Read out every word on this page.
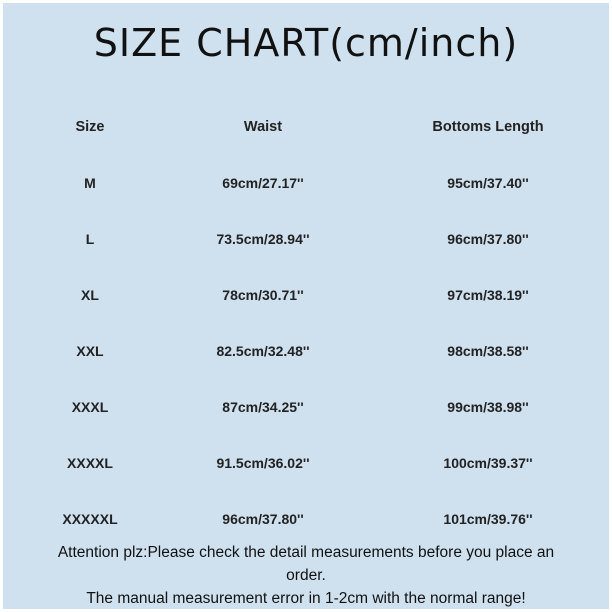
SIZE CHART(cm/inch)
Size	Waist	Bottoms Length
M	69cm/27.17''	95cm/37.40''
L	73.5cm/28.94''	96cm/37.80''
XL	78cm/30.71''	97cm/38.19''
XXL	82.5cm/32.48''	98cm/38.58''
XXXL	87cm/34.25''	99cm/38.98''
XXXXL	91.5cm/36.02''	100cm/39.37''
XXXXXL	96cm/37.80''	101cm/39.76''
Attention plz:Please check the detail measurements before you place an
order.
The manual measurement error in 1-2cm with the normal range!
